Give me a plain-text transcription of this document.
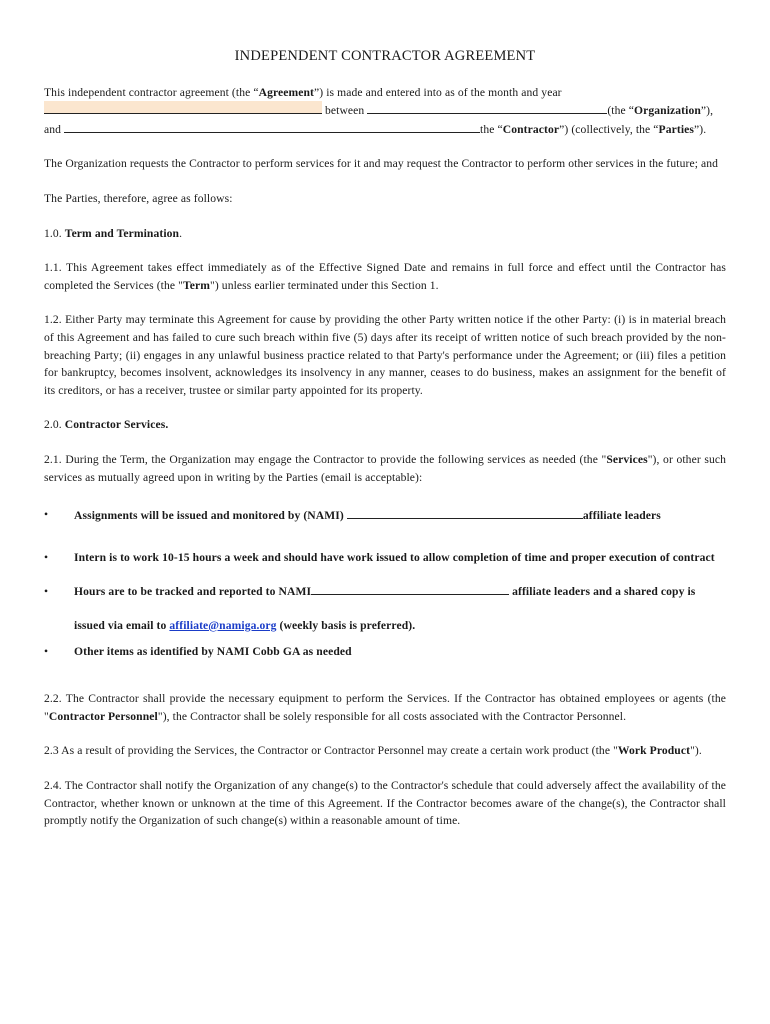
INDEPENDENT CONTRACTOR AGREEMENT

This independent contractor agreement (the “Agreement”) is made and entered into as of the month and year
between	(the “Organization”),
and	the “Contractor”) (collectively, the “Parties”).

The Organization requests the Contractor to perform services for it and may request the Contractor to perform other services in the future; and

The Parties, therefore, agree as follows:

1.0. Term and Termination.

1.1. This Agreement takes effect immediately as of the Effective Signed Date and remains in full force and effect until the Contractor has completed the Services (the "Term") unless earlier terminated under this Section 1.

1.2. Either Party may terminate this Agreement for cause by providing the other Party written notice if the other Party: (i) is in material breach of this Agreement and has failed to cure such breach within five (5) days after its receipt of written notice of such breach provided by the non-breaching Party; (ii) engages in any unlawful business practice related to that Party's performance under the Agreement; or (iii) files a petition for bankruptcy, becomes insolvent, acknowledges its insolvency in any manner, ceases to do business, makes an assignment for the benefit of its creditors, or has a receiver, trustee or similar party appointed for its property.

2.0. Contractor Services.

2.1. During the Term, the Organization may engage the Contractor to provide the following services as needed (the "Services"), or other such services as mutually agreed upon in writing by the Parties (email is acceptable):

• Assignments will be issued and monitored by (NAMI)	affiliate leaders
• Intern is to work 10-15 hours a week and should have work issued to allow completion of time and proper execution of contract
• Hours are to be tracked and reported to NAMI	affiliate leaders and a shared copy is issued via email to affiliate@namiga.org (weekly basis is preferred).
• Other items as identified by NAMI Cobb GA as needed

2.2. The Contractor shall provide the necessary equipment to perform the Services. If the Contractor has obtained employees or agents (the "Contractor Personnel"), the Contractor shall be solely responsible for all costs associated with the Contractor Personnel.

2.3 As a result of providing the Services, the Contractor or Contractor Personnel may create a certain work product (the "Work Product").

2.4. The Contractor shall notify the Organization of any change(s) to the Contractor's schedule that could adversely affect the availability of the Contractor, whether known or unknown at the time of this Agreement. If the Contractor becomes aware of the change(s), the Contractor shall promptly notify the Organization of such change(s) within a reasonable amount of time.
